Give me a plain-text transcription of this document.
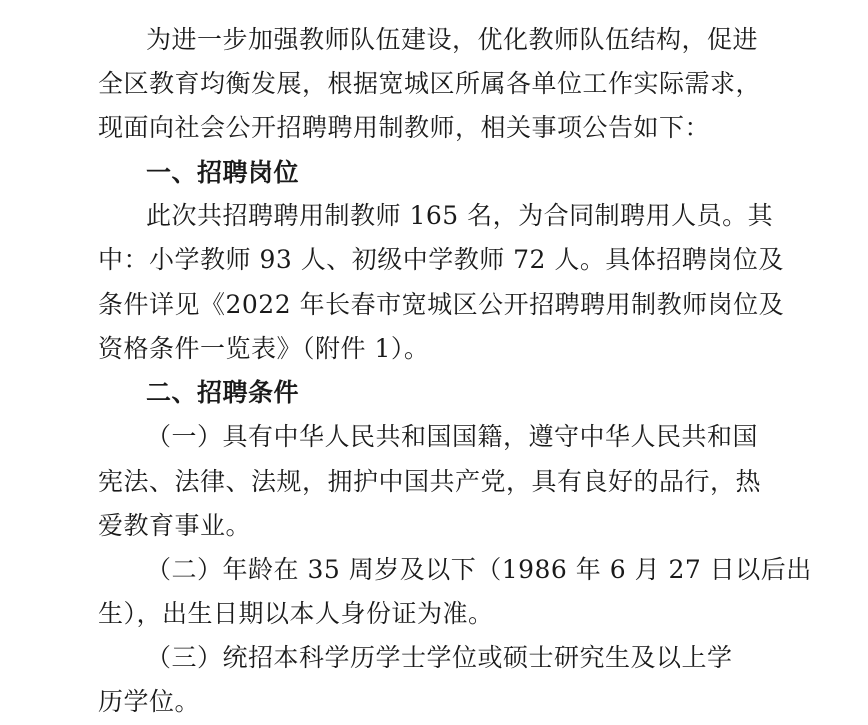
为进一步加强教师队伍建设，优化教师队伍结构，促进
全区教育均衡发展，根据宽城区所属各单位工作实际需求，
现面向社会公开招聘聘用制教师，相关事项公告如下：
一、招聘岗位
此次共招聘聘用制教师 165 名，为合同制聘用人员。其
中：小学教师 93 人、初级中学教师 72 人。具体招聘岗位及
条件详见《2022 年长春市宽城区公开招聘聘用制教师岗位及
资格条件一览表》（附件 1）。
二、招聘条件
（一）具有中华人民共和国国籍，遵守中华人民共和国
宪法、法律、法规，拥护中国共产党，具有良好的品行，热
爱教育事业。
（二）年龄在 35 周岁及以下（1986 年 6 月 27 日以后出
生），出生日期以本人身份证为准。
（三）统招本科学历学士学位或硕士研究生及以上学
历学位。
